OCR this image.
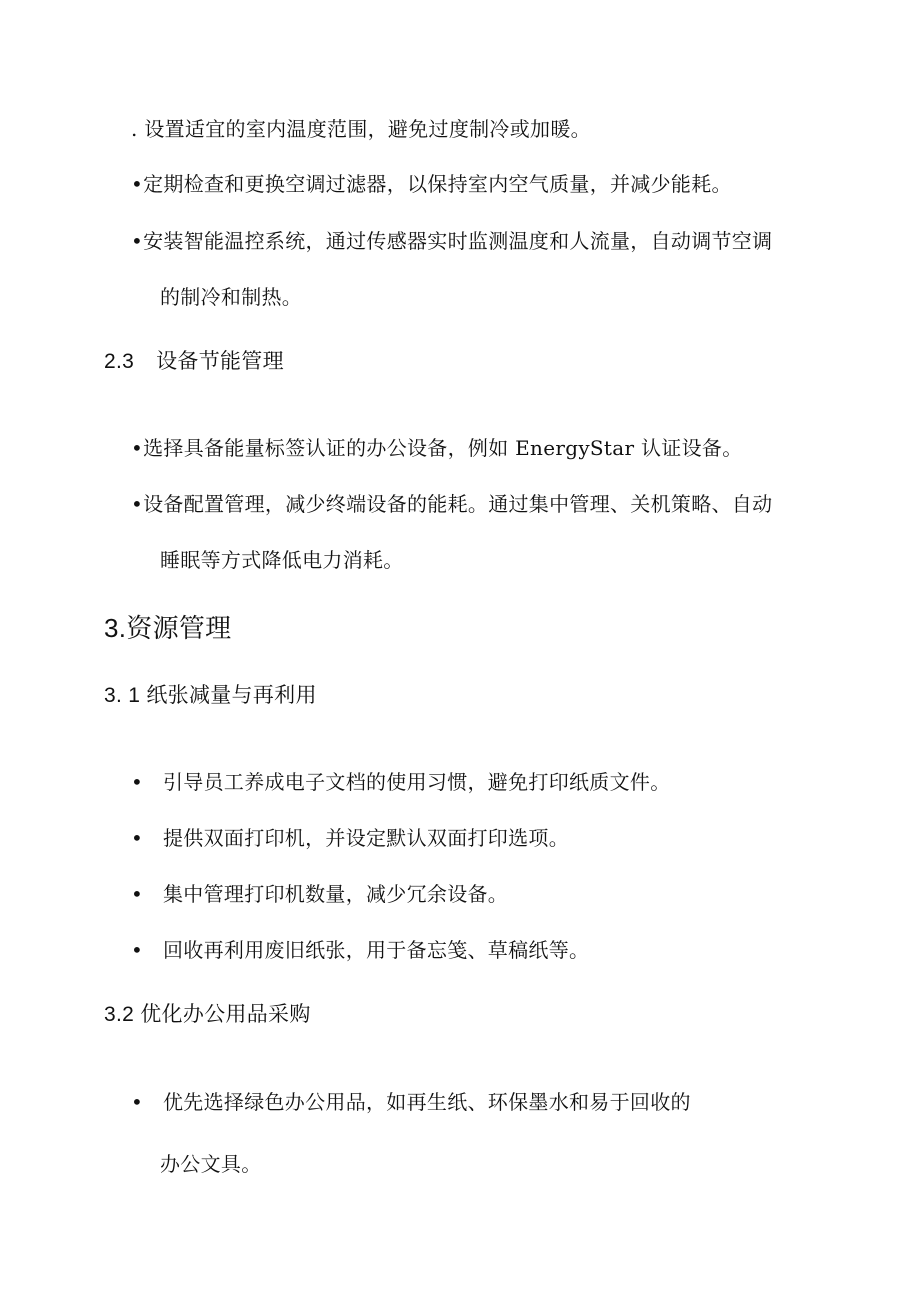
. 设置适宜的室内温度范围，避免过度制冷或加暖。
•定期检查和更换空调过滤器，以保持室内空气质量，并减少能耗。
•安装智能温控系统，通过传感器实时监测温度和人流量，自动调节空调
的制冷和制热。
2.3 设备节能管理
•选择具备能量标签认证的办公设备，例如 EnergyStar 认证设备。
•设备配置管理，减少终端设备的能耗。通过集中管理、关机策略、自动
睡眠等方式降低电力消耗。
3.资源管理
3. 1 纸张减量与再利用
• 引导员工养成电子文档的使用习惯，避免打印纸质文件。
• 提供双面打印机，并设定默认双面打印选项。
• 集中管理打印机数量，减少冗余设备。
• 回收再利用废旧纸张，用于备忘笺、草稿纸等。
3.2 优化办公用品采购
• 优先选择绿色办公用品，如再生纸、环保墨水和易于回收的
办公文具。
